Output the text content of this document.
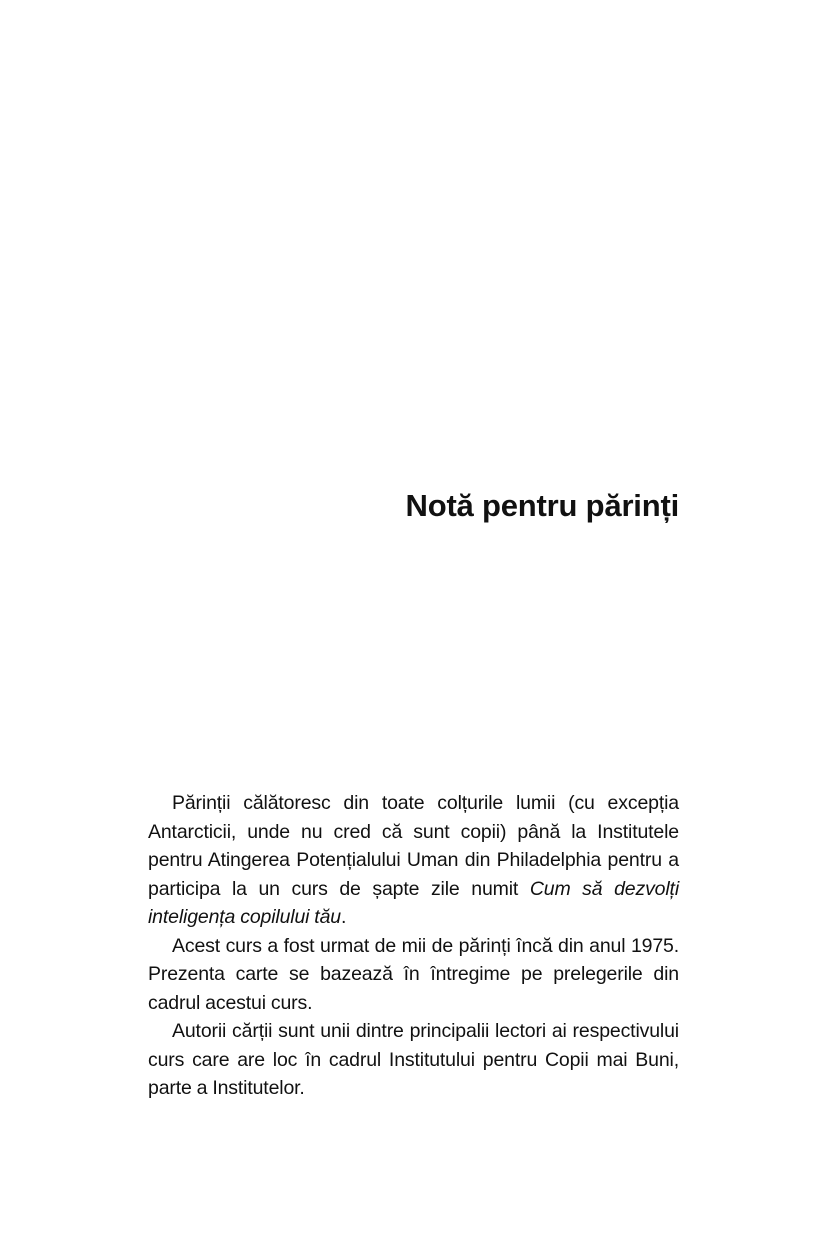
Notă pentru părinți

Părinții călătoresc din toate colțurile lumii (cu excepția Antarcticii, unde nu cred că sunt copii) până la Institutele pentru Atingerea Potențialului Uman din Philadelphia pentru a participa la un curs de șapte zile numit Cum să dezvolți inteligența copilului tău.

Acest curs a fost urmat de mii de părinți încă din anul 1975. Prezenta carte se bazează în întregime pe prelegerile din cadrul acestui curs.

Autorii cărții sunt unii dintre principalii lectori ai respectivului curs care are loc în cadrul Institutului pentru Copii mai Buni, parte a Institutelor.
